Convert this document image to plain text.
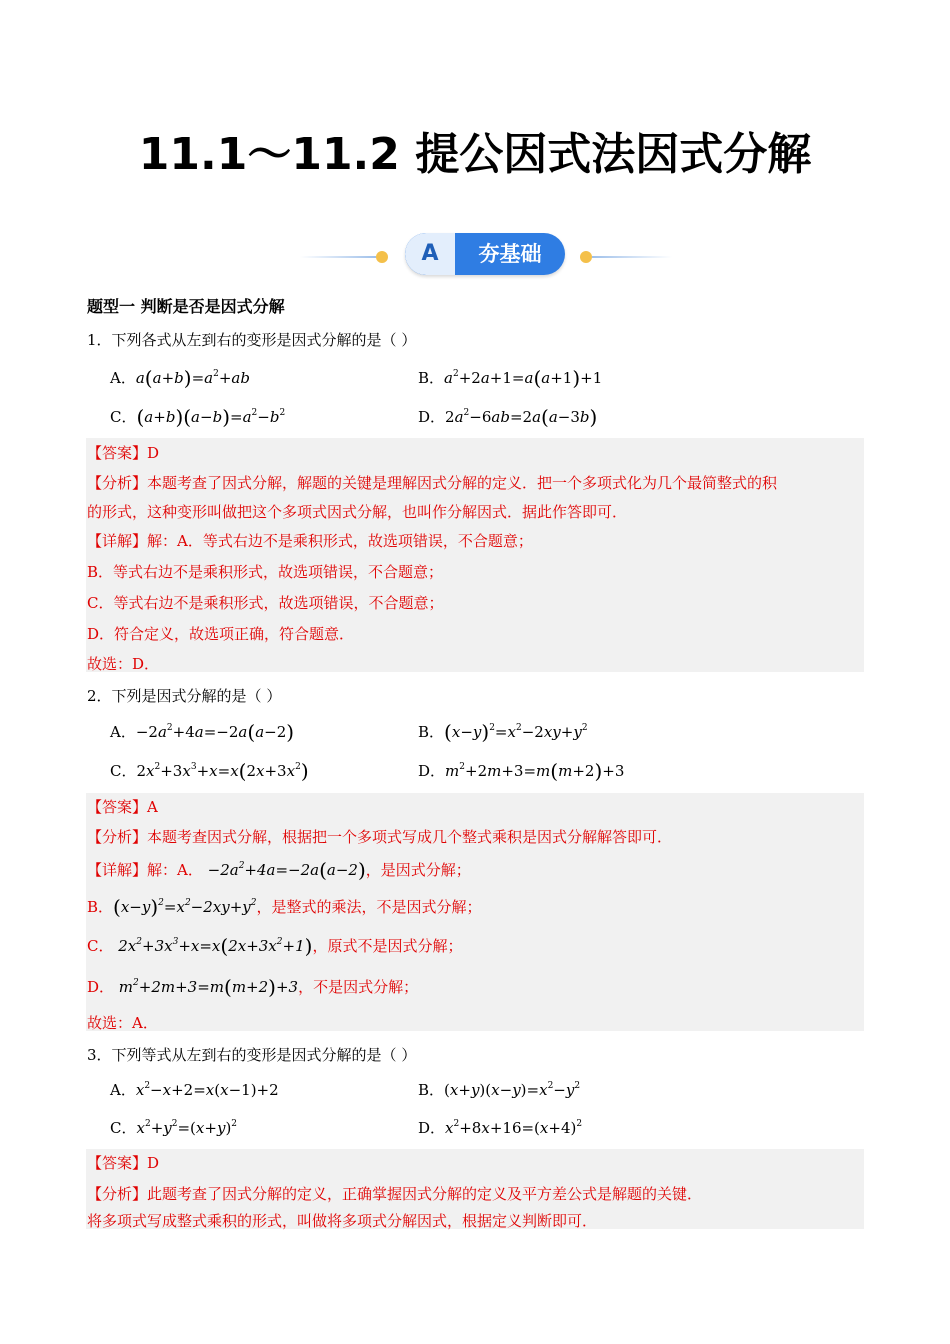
11.1～11.2 提公因式法因式分解
A	夯基础
题型一 判断是否是因式分解
1．下列各式从左到右的变形是因式分解的是（ ）
A．$a(a+b)=a^2+ab$	B．$a^2+2a+1=a(a+1)+1$
C．$(a+b)(a-b)=a^2-b^2$	D．$2a^2-6ab=2a(a-3b)$
【答案】D
【分析】本题考查了因式分解，解题的关键是理解因式分解的定义．把一个多项式化为几个最简整式的积
的形式，这种变形叫做把这个多项式因式分解，也叫作分解因式．据此作答即可．
【详解】解：A．等式右边不是乘积形式，故选项错误，不合题意；
B．等式右边不是乘积形式，故选项错误，不合题意；
C．等式右边不是乘积形式，故选项错误，不合题意；
D．符合定义，故选项正确，符合题意．
故选：D．
2．下列是因式分解的是（ ）
A．$-2a^2+4a=-2a(a-2)$	B．$(x-y)^2=x^2-2xy+y^2$
C．$2x^2+3x^3+x=x(2x+3x^2)$	D．$m^2+2m+3=m(m+2)+3$
【答案】A
【分析】本题考查因式分解，根据把一个多项式写成几个整式乘积是因式分解解答即可．
【详解】解：A． $-2a^2+4a=-2a(a-2)$，是因式分解；
B．$(x-y)^2=x^2-2xy+y^2$，是整式的乘法，不是因式分解；
C． $2x^2+3x^3+x=x(2x+3x^2+1)$，原式不是因式分解；
D． $m^2+2m+3=m(m+2)+3$，不是因式分解；
故选：A．
3．下列等式从左到右的变形是因式分解的是（ ）
A．$x^2-x+2=x(x-1)+2$	B．$(x+y)(x-y)=x^2-y^2$
C．$x^2+y^2=(x+y)^2$	D．$x^2+8x+16=(x+4)^2$
【答案】D
【分析】此题考查了因式分解的定义，正确掌握因式分解的定义及平方差公式是解题的关键．
将多项式写成整式乘积的形式，叫做将多项式分解因式，根据定义判断即可．
